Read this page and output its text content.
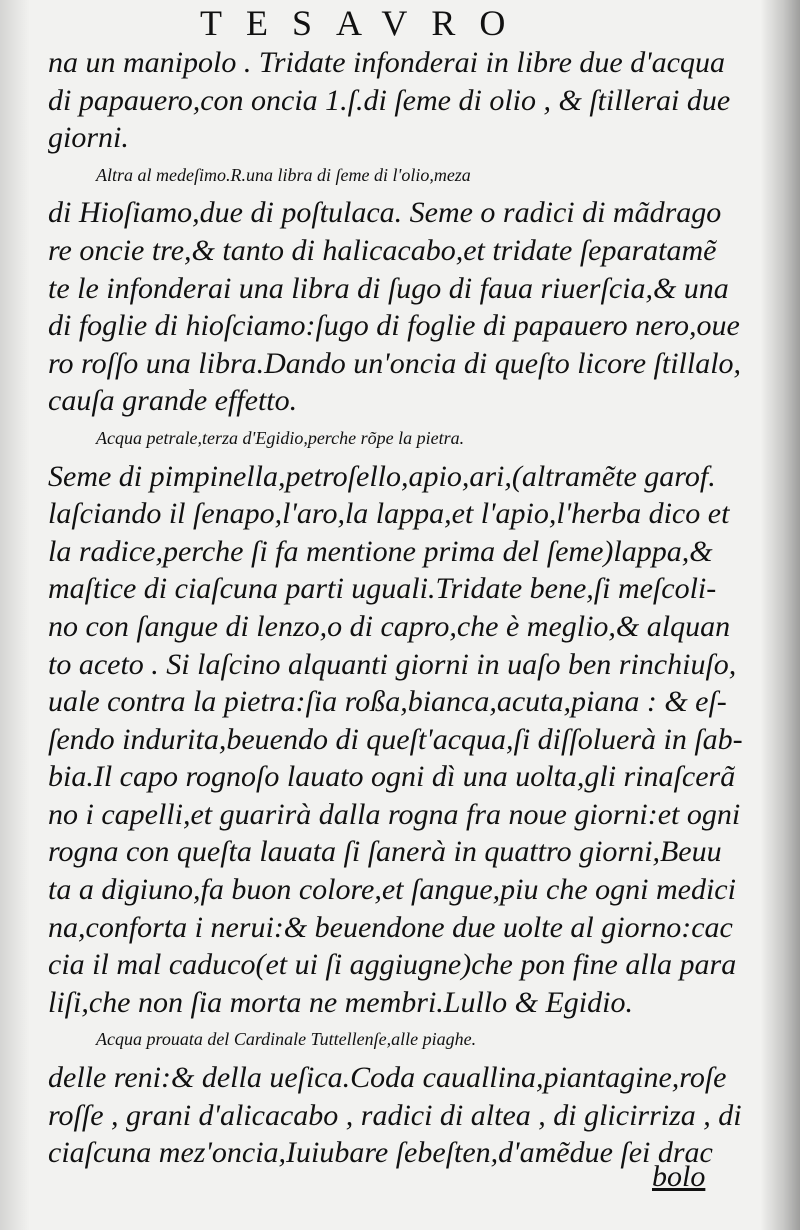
TESAVRO
na un manipolo . Tridate infonderai in libre due d'acqua
di papauero,con oncia 1.ſ.di ſeme di olio , & ſtillerai due
giorni.
Altra al medeſimo.R.una libra di ſeme di l'olio,meza
di Hioſiamo,due di poſtulaca. Seme o radici di mãdrago
re oncie tre,& tanto di halicacabo,et tridate ſeparatamẽ
te le infonderai una libra di ſugo di faua riuerſcia,& una
di foglie di hioſciamo:ſugo di foglie di papauero nero,oue
ro roſſo una libra.Dando un'oncia di queſto licore ſtillalo,
cauſa grande effetto.
Acqua petrale,terza d'Egidio,perche rõpe la pietra.
Seme di pimpinella,petroſello,apio,ari,(altramẽte garof.
laſciando il ſenapo,l'aro,la lappa,et l'apio,l'herba dico et
la radice,perche ſi fa mentione prima del ſeme)lappa,&
maſtice di ciaſcuna parti uguali.Tridate bene,ſi meſcoli-
no con ſangue di lenzo,o di capro,che è meglio,& alquan
to aceto . Si laſcino alquanti giorni in uaſo ben rinchiuſo,
uale contra la pietra:ſia roßa,bianca,acuta,piana : & eſ-
ſendo indurita,beuendo di queſt'acqua,ſi diſſoluerà in ſab-
bia.Il capo rognoſo lauato ogni dì una uolta,gli rinaſcerã
no i capelli,et guarirà dalla rogna fra noue giorni:et ogni
rogna con queſta lauata ſi ſanerà in quattro giorni,Beuu
ta a digiuno,fa buon colore,et ſangue,piu che ogni medici
na,conforta i nerui:& beuendone due uolte al giorno:cac
cia il mal caduco(et ui ſi aggiugne)che pon fine alla para
liſi,che non ſia morta ne membri.Lullo & Egidio.
Acqua prouata del Cardinale Tuttellenſe,alle piaghe.
delle reni:& della ueſica.Coda cauallina,piantagine,roſe
roſſe , grani d'alicacabo , radici di altea , di glicirriza , di
ciaſcuna mez'oncia,Iuiubare ſebeſten,d'amẽdue ſei drac
bolo
